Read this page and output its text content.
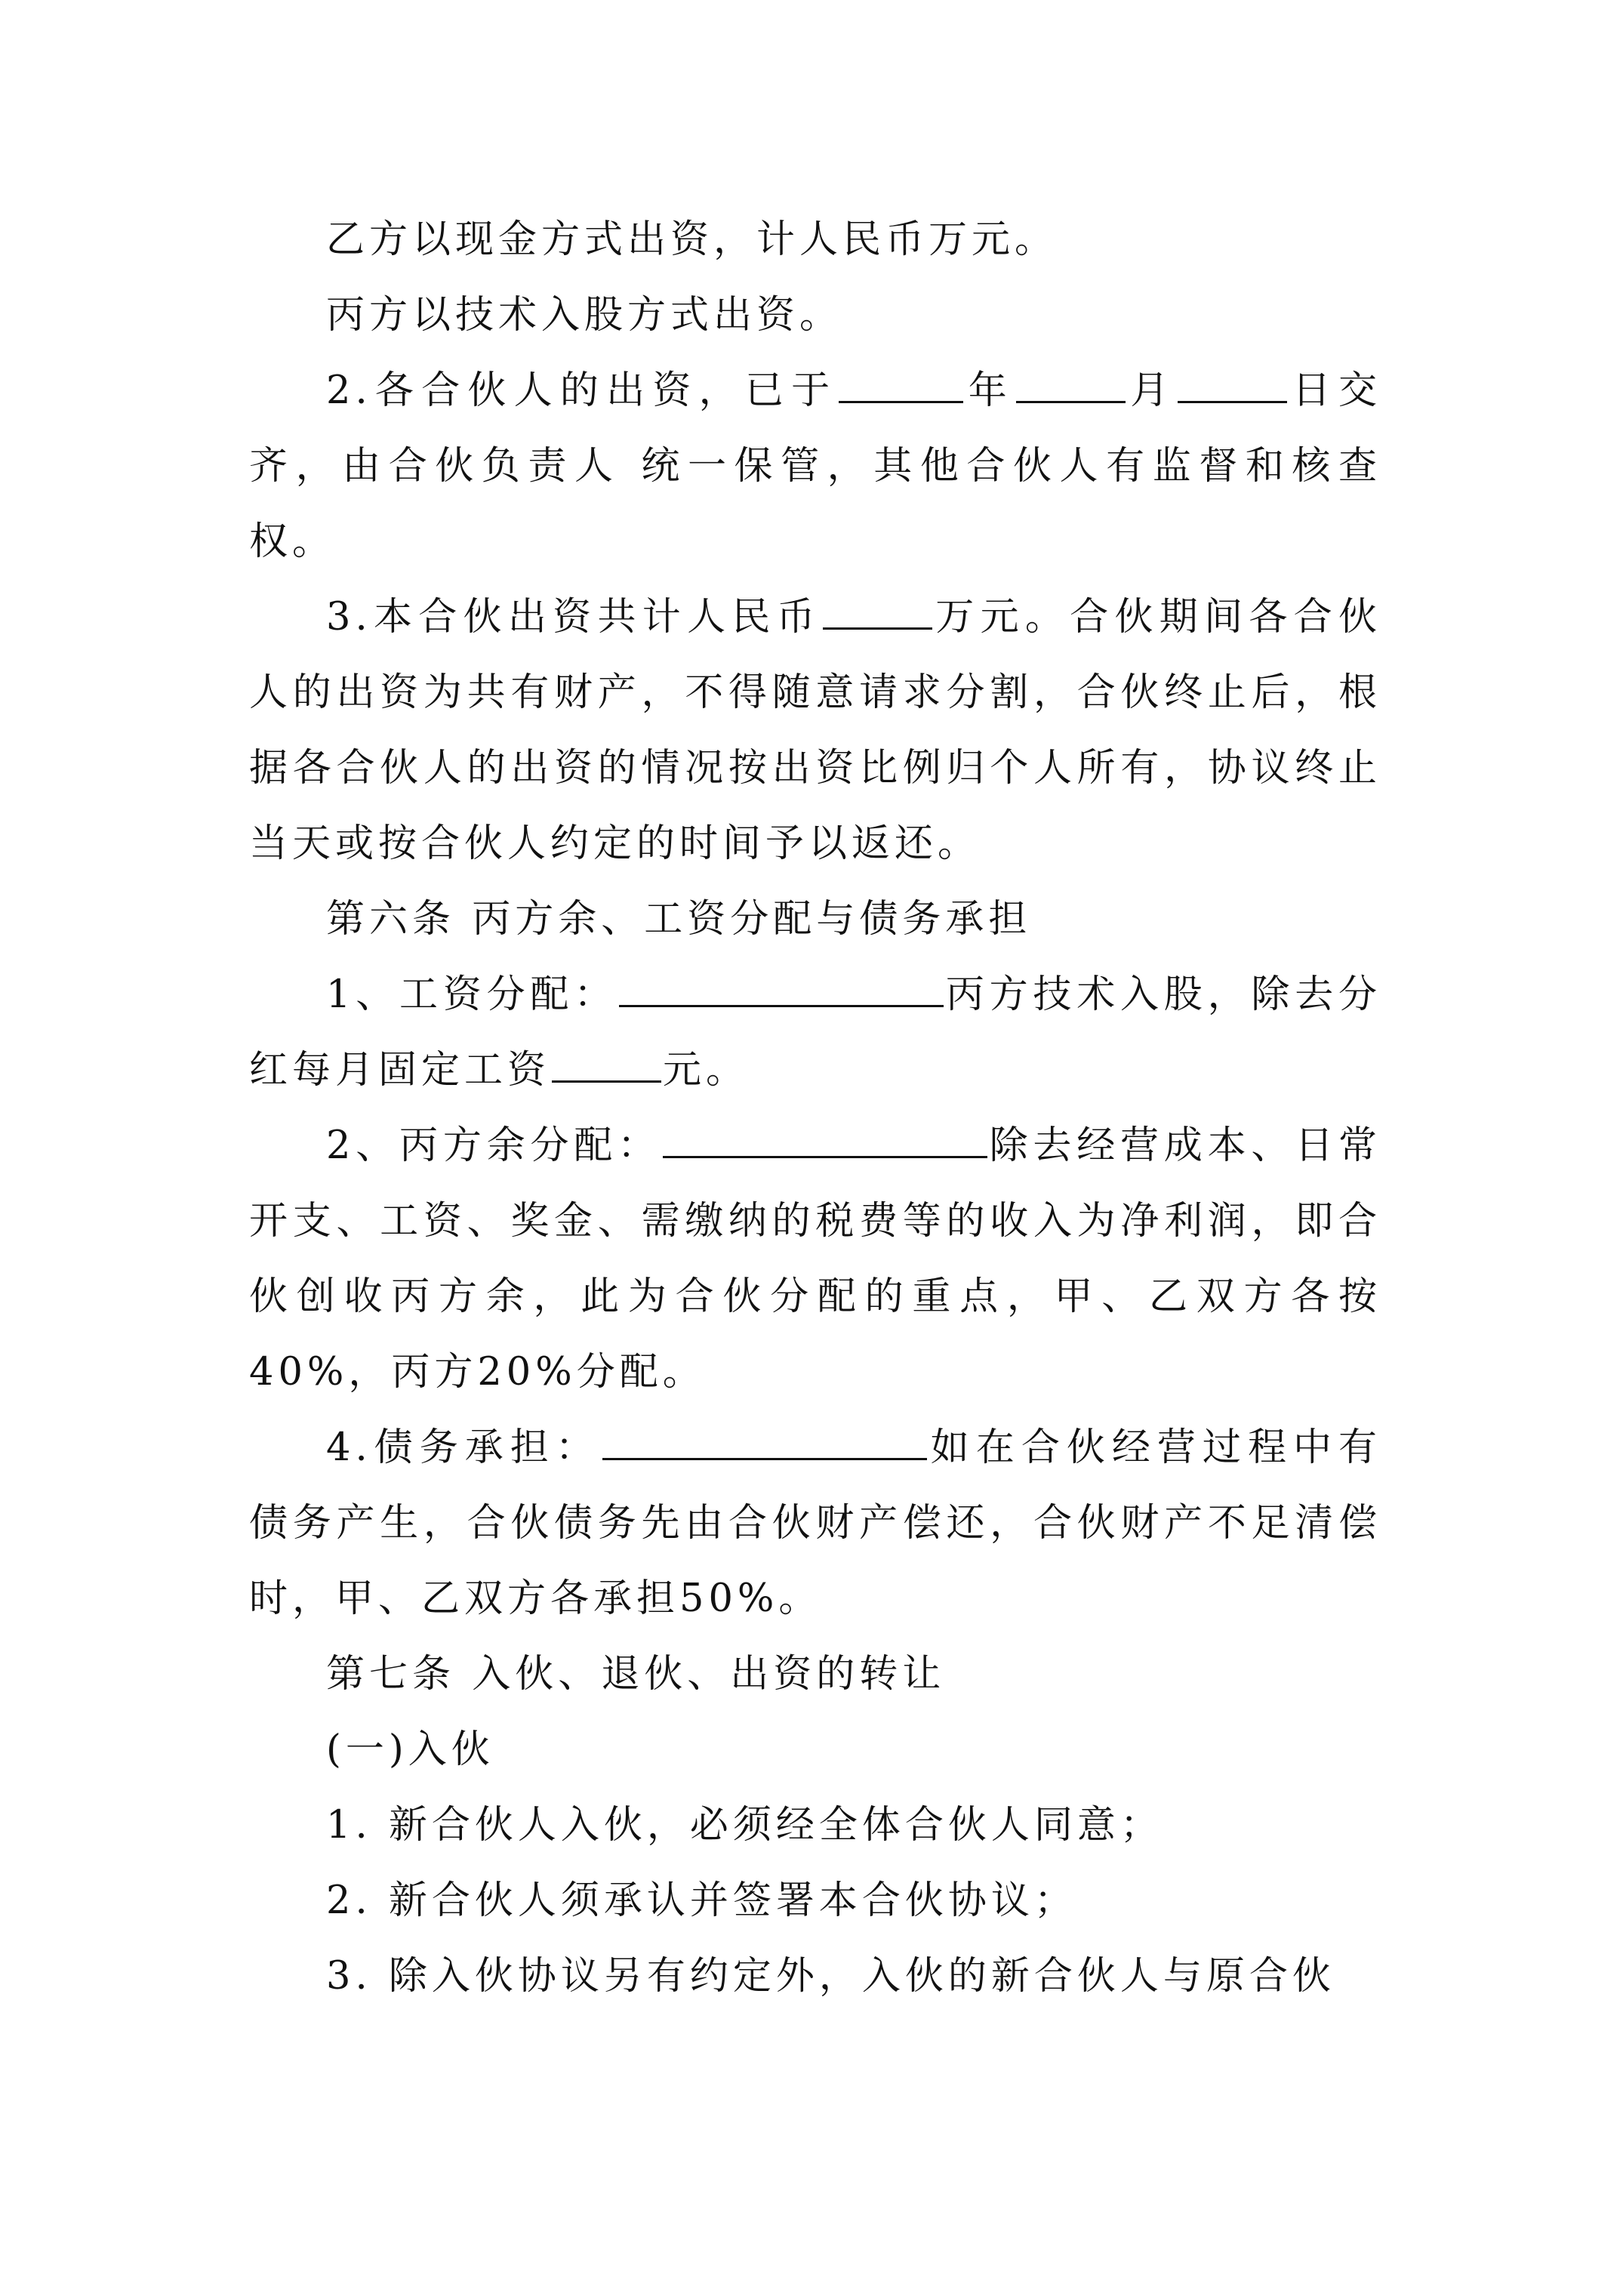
乙方以现金方式出资，计人民币万元。

丙方以技术入股方式出资。

2.各合伙人的出资，已于	年	月	日交齐，由合伙负责人 统一保管，其他合伙人有监督和核查权。

3.本合伙出资共计人民币	万元。合伙期间各合伙人的出资为共有财产，不得随意请求分割，合伙终止后，根据各合伙人的出资的情况按出资比例归个人所有，协议终止当天或按合伙人约定的时间予以返还。

第六条 丙方余、工资分配与债务承担

1、工资分配：	丙方技术入股，除去分红每月固定工资	元。

2、丙方余分配：	除去经营成本、日常开支、工资、奖金、需缴纳的税费等的收入为净利润，即合伙创收丙方余，此为合伙分配的重点，甲、乙双方各按40%，丙方20%分配。

4.债务承担：	如在合伙经营过程中有债务产生，合伙债务先由合伙财产偿还，合伙财产不足清偿时，甲、乙双方各承担50%。

第七条 入伙、退伙、出资的转让

(一)入伙

1. 新合伙人入伙，必须经全体合伙人同意；

2. 新合伙人须承认并签署本合伙协议；

3. 除入伙协议另有约定外，入伙的新合伙人与原合伙
